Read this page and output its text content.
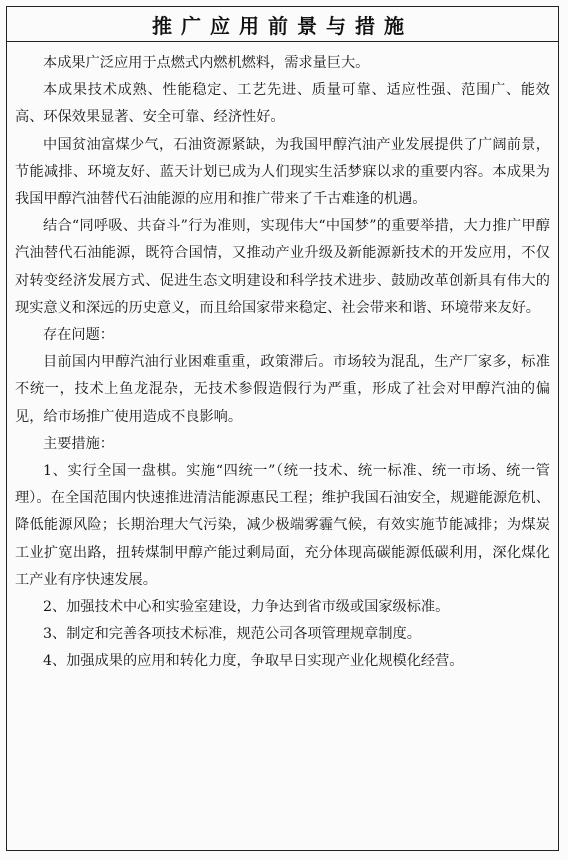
推广应用前景与措施

本成果广泛应用于点燃式内燃机燃料，需求量巨大。

本成果技术成熟、性能稳定、工艺先进、质量可靠、适应性强、范围广、能效高、环保效果显著、安全可靠、经济性好。

中国贫油富煤少气，石油资源紧缺，为我国甲醇汽油产业发展提供了广阔前景，节能减排、环境友好、蓝天计划已成为人们现实生活梦寐以求的重要内容。本成果为我国甲醇汽油替代石油能源的应用和推广带来了千古难逢的机遇。

结合“同呼吸、共奋斗”行为准则，实现伟大“中国梦”的重要举措，大力推广甲醇汽油替代石油能源，既符合国情，又推动产业升级及新能源新技术的开发应用，不仅对转变经济发展方式、促进生态文明建设和科学技术进步、鼓励改革创新具有伟大的现实意义和深远的历史意义，而且给国家带来稳定、社会带来和谐、环境带来友好。

存在问题：

目前国内甲醇汽油行业困难重重，政策滞后。市场较为混乱，生产厂家多，标准不统一，技术上鱼龙混杂，无技术参假造假行为严重，形成了社会对甲醇汽油的偏见，给市场推广使用造成不良影响。

主要措施：

1、实行全国一盘棋。实施“四统一”（统一技术、统一标准、统一市场、统一管理）。在全国范围内快速推进清洁能源惠民工程；维护我国石油安全，规避能源危机、降低能源风险；长期治理大气污染，减少极端雾霾气候，有效实施节能减排；为煤炭工业扩宽出路，扭转煤制甲醇产能过剩局面，充分体现高碳能源低碳利用，深化煤化工产业有序快速发展。

2、加强技术中心和实验室建设，力争达到省市级或国家级标准。

3、制定和完善各项技术标准，规范公司各项管理规章制度。

4、加强成果的应用和转化力度，争取早日实现产业化规模化经营。
